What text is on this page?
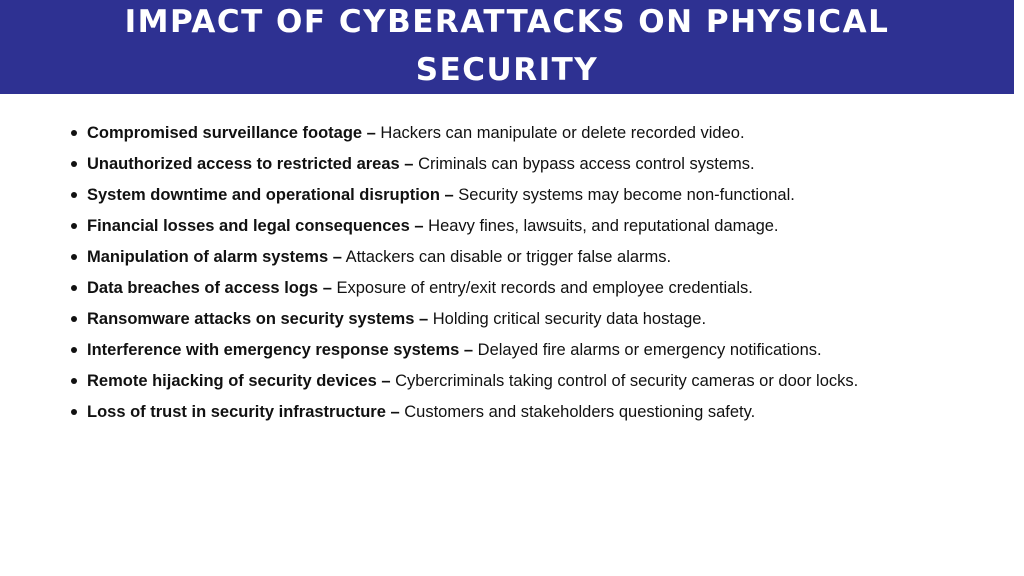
IMPACT OF CYBERATTACKS ON PHYSICAL SECURITY
Compromised surveillance footage – Hackers can manipulate or delete recorded video.
Unauthorized access to restricted areas – Criminals can bypass access control systems.
System downtime and operational disruption – Security systems may become non-functional.
Financial losses and legal consequences – Heavy fines, lawsuits, and reputational damage.
Manipulation of alarm systems – Attackers can disable or trigger false alarms.
Data breaches of access logs – Exposure of entry/exit records and employee credentials.
Ransomware attacks on security systems – Holding critical security data hostage.
Interference with emergency response systems – Delayed fire alarms or emergency notifications.
Remote hijacking of security devices – Cybercriminals taking control of security cameras or door locks.
Loss of trust in security infrastructure – Customers and stakeholders questioning safety.
